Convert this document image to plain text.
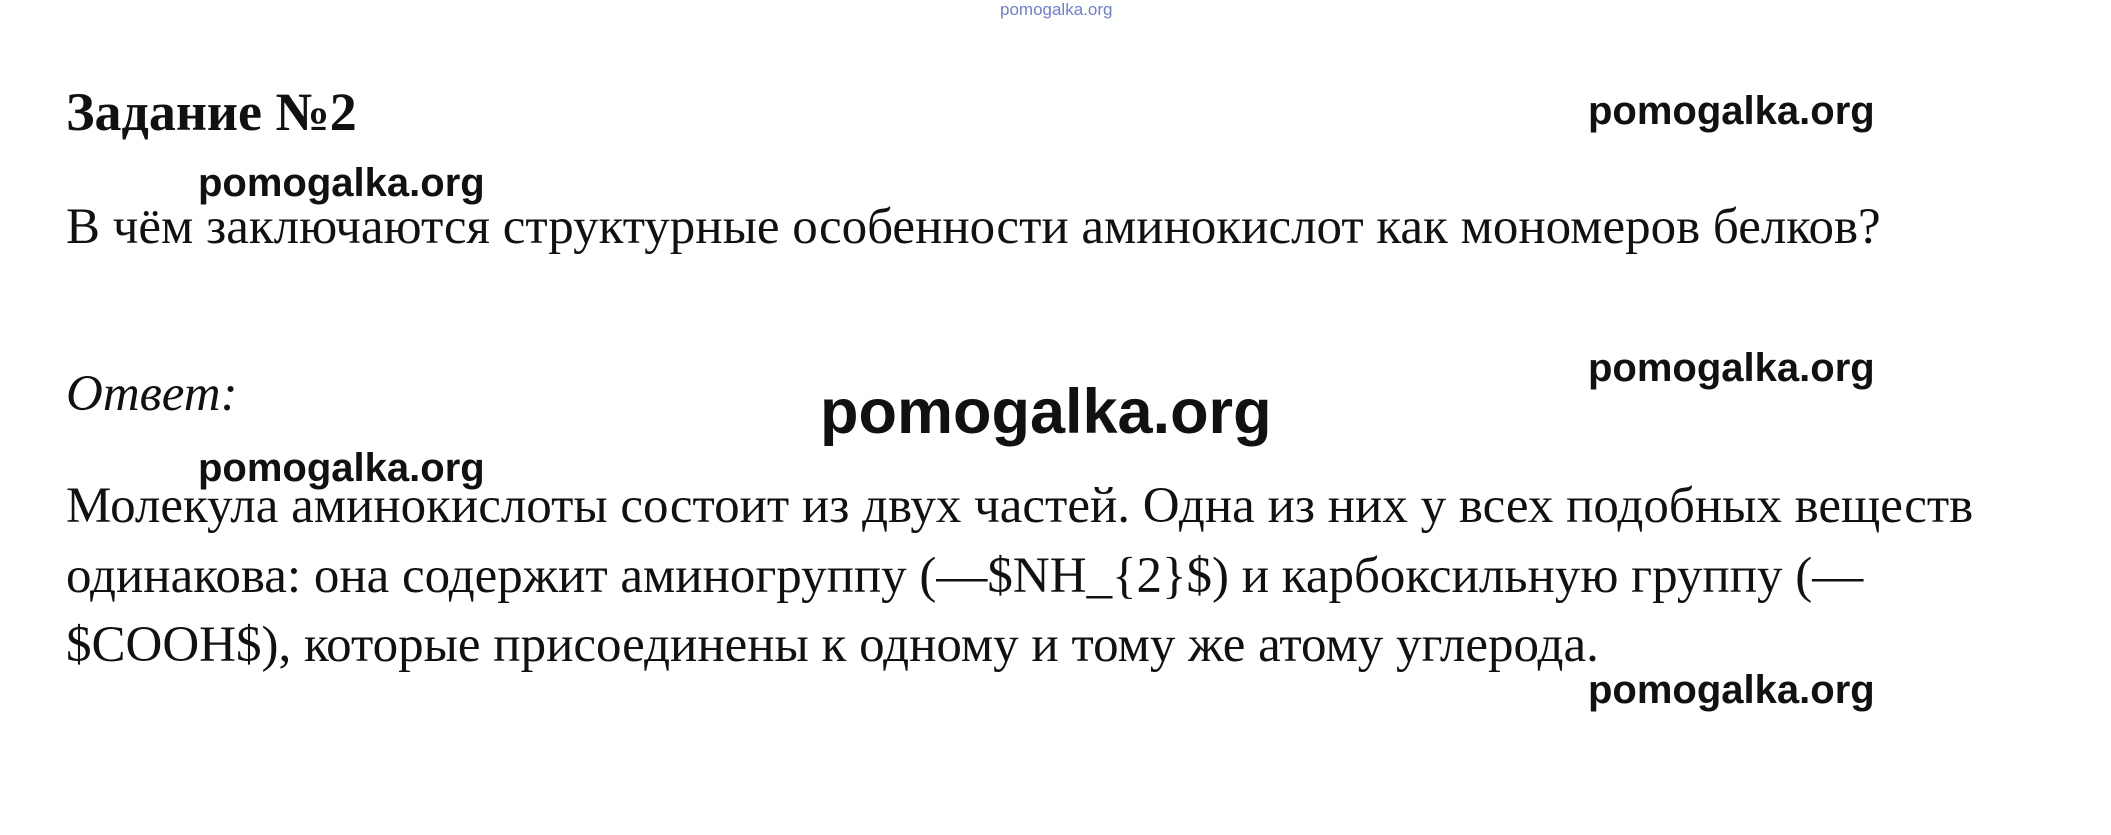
pomogalka.org
Задание №2
В чём заключаются структурные особенности аминокислот как мономеров белков?
Ответ:
Молекула аминокислоты состоит из двух частей. Одна из них у всех подобных веществ одинакова: она содержит аминогруппу (—$NH_{2}$) и карбоксильную группу (—$COOH$), которые присоединены к одному и тому же атому углерода.
pomogalka.org
pomogalka.org
pomogalka.org
pomogalka.org
pomogalka.org
pomogalka.org
